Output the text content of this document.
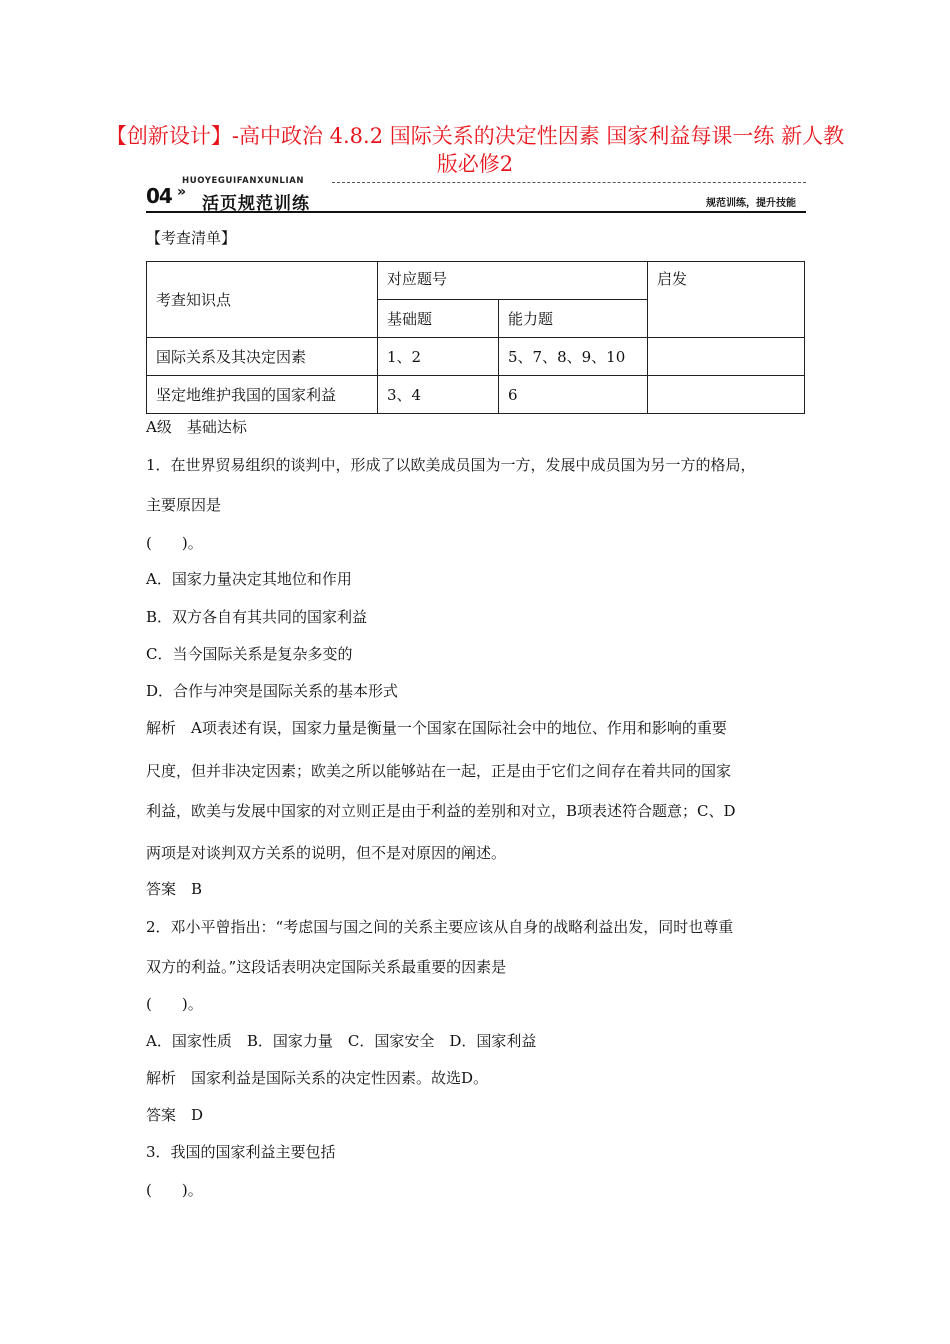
【创新设计】-高中政治 4.8.2 国际关系的决定性因素 国家利益每课一练 新人教版必修2
04 »
HUOYEGUIFANXUNLIAN
活页规范训练	规范训练，提升技能
【考查清单】
考查知识点	对应题号		启发
	基础题	能力题	
国际关系及其决定因素	1、2	5、7、8、9、10	
坚定地维护我国的国家利益	3、4	6	
A级　基础达标
1．在世界贸易组织的谈判中，形成了以欧美成员国为一方，发展中成员国为另一方的格局，
主要原因是
(　　)。
A．国家力量决定其地位和作用
B．双方各自有其共同的国家利益
C．当今国际关系是复杂多变的
D．合作与冲突是国际关系的基本形式
解析　A项表述有误，国家力量是衡量一个国家在国际社会中的地位、作用和影响的重要
尺度，但并非决定因素；欧美之所以能够站在一起，正是由于它们之间存在着共同的国家
利益，欧美与发展中国家的对立则正是由于利益的差别和对立，B项表述符合题意；C、D
两项是对谈判双方关系的说明，但不是对原因的阐述。
答案　B
2．邓小平曾指出：“考虑国与国之间的关系主要应该从自身的战略利益出发，同时也尊重
双方的利益。”这段话表明决定国际关系最重要的因素是
(　　)。
A．国家性质　B．国家力量　C．国家安全　D．国家利益
解析　国家利益是国际关系的决定性因素。故选D。
答案　D
3．我国的国家利益主要包括
(　　)。
